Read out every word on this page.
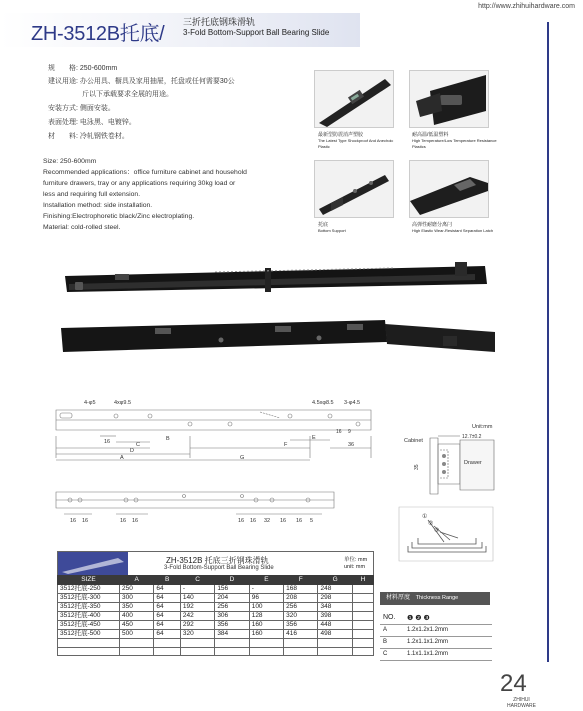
http://www.zhihuihardware.com
ZH-3512B托底/
三折托底钢珠滑轨
3-Fold Bottom-Support Ball Bearing Slide
规　　格: 250-600mm
建议用途: 办公用具、橱具及家用抽屉，托盘或任何需要30公
斤以下承载要求全展的用途。
安装方式: 侧面安装。
表面处理: 电泳黑、电镀锌。
材　　料: 冷轧钢铁卷材。
Size: 250-600mm
Recommended applications：office furniture cabinet and household
furniture drawers, tray or any applications requiring 30kg load or
less and requiring full extension.
Installation method: side installation.
Finishing:Electrophoretic black/Zinc electroplating.
Material: cold-rolled steel.
最新型防震消声塑胶
The Latest Type Shockproof And Anechoic Plastic
耐高温/低温塑料
High Temperature/Low Temperature Resistance Plastics
托底
Bottom Support
高弹性耐磨分离闩
High Elastic Wear-Resistant Separation Latch
4-φ5	4xφ9.5	4.5xφ8.5 3-φ4.5
16	B
C
D
A
E
16 9
F	36
G
Unit:mm
Cabinet
Drawer
12.7±0.2
35
16 16	16 16	16 16 32 16 16 5
①
②
③
ZH-3512B 托底三折钢珠滑轨
3-Fold Bottom-Support Ball Bearing Slide
单位: mm
unit: mm
SIZE	A	B	C	D	E	F	G	H
3512托底-250	250	64	-	156	-	168	248	
3512托底-300	300	64	140	204	96	208	298	
3512托底-350	350	64	192	256	100	256	348	
3512托底-400	400	64	242	306	128	320	398	
3512托底-450	450	64	292	356	160	356	448	
3512托底-500	500	64	320	384	160	416	498	

材料厚度 Thickness Range
NO.	❶ ❷ ❸
A	1.2x1.2x1.2mm
B	1.2x1.1x1.2mm
C	1.1x1.1x1.2mm
24
ZHIHUI
HARDWARE
